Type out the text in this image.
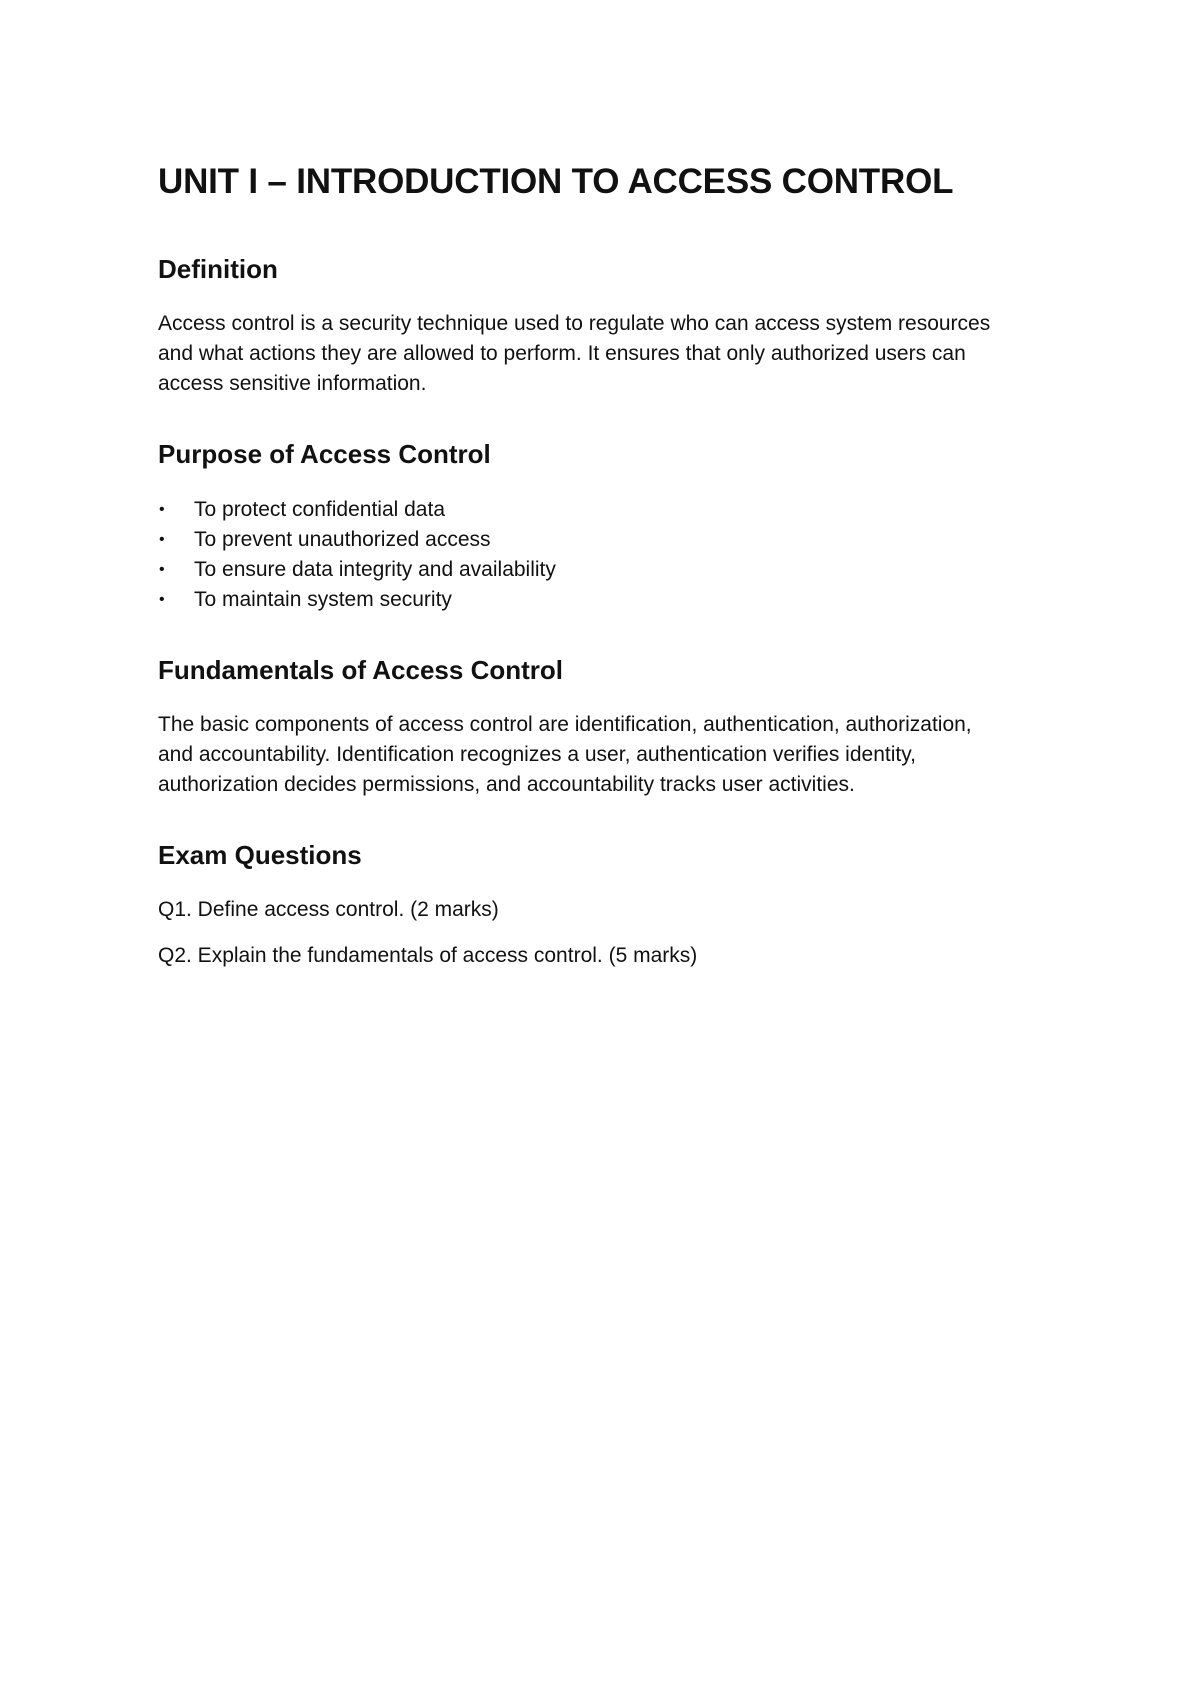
UNIT I – INTRODUCTION TO ACCESS CONTROL
Definition
Access control is a security technique used to regulate who can access system resources
and what actions they are allowed to perform. It ensures that only authorized users can
access sensitive information.
Purpose of Access Control
• To protect confidential data
• To prevent unauthorized access
• To ensure data integrity and availability
• To maintain system security
Fundamentals of Access Control
The basic components of access control are identification, authentication, authorization,
and accountability. Identification recognizes a user, authentication verifies identity,
authorization decides permissions, and accountability tracks user activities.
Exam Questions
Q1. Define access control. (2 marks)
Q2. Explain the fundamentals of access control. (5 marks)
